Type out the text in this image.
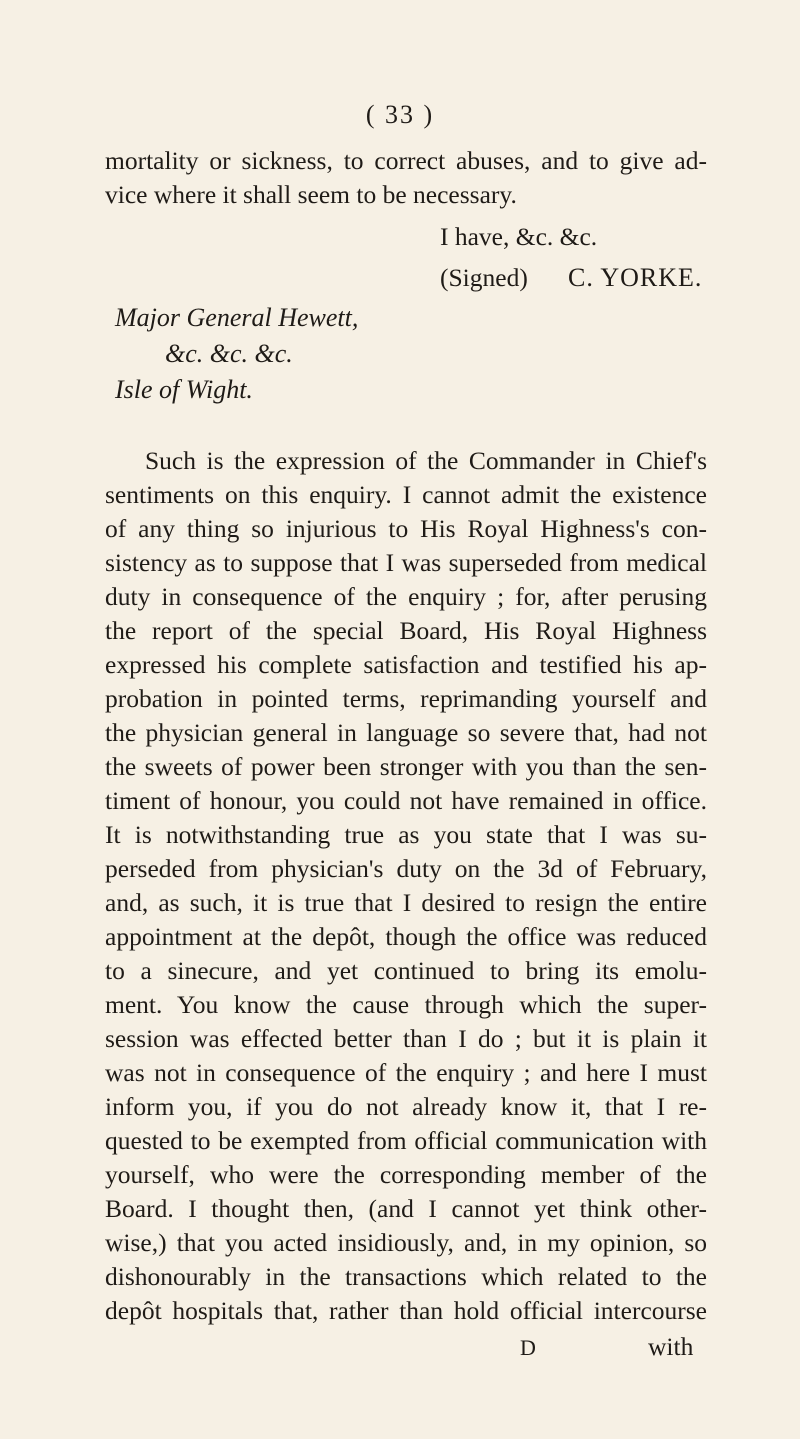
( 33 )
mortality or sickness, to correct abuses, and to give ad-
vice where it shall seem to be necessary.
I have, &c. &c.
(Signed) C. YORKE.
Major General Hewett,
&c. &c. &c.
Isle of Wight.
Such is the expression of the Commander in Chief's
sentiments on this enquiry. I cannot admit the existence
of any thing so injurious to His Royal Highness's con-
sistency as to suppose that I was superseded from medical
duty in consequence of the enquiry ; for, after perusing
the report of the special Board, His Royal Highness
expressed his complete satisfaction and testified his ap-
probation in pointed terms, reprimanding yourself and
the physician general in language so severe that, had not
the sweets of power been stronger with you than the sen-
timent of honour, you could not have remained in office.
It is notwithstanding true as you state that I was su-
perseded from physician's duty on the 3d of February,
and, as such, it is true that I desired to resign the entire
appointment at the depôt, though the office was reduced
to a sinecure, and yet continued to bring its emolu-
ment. You know the cause through which the super-
session was effected better than I do ; but it is plain it
was not in consequence of the enquiry ; and here I must
inform you, if you do not already know it, that I re-
quested to be exempted from official communication with
yourself, who were the corresponding member of the
Board. I thought then, (and I cannot yet think other-
wise,) that you acted insidiously, and, in my opinion, so
dishonourably in the transactions which related to the
depôt hospitals that, rather than hold official intercourse
D	with
